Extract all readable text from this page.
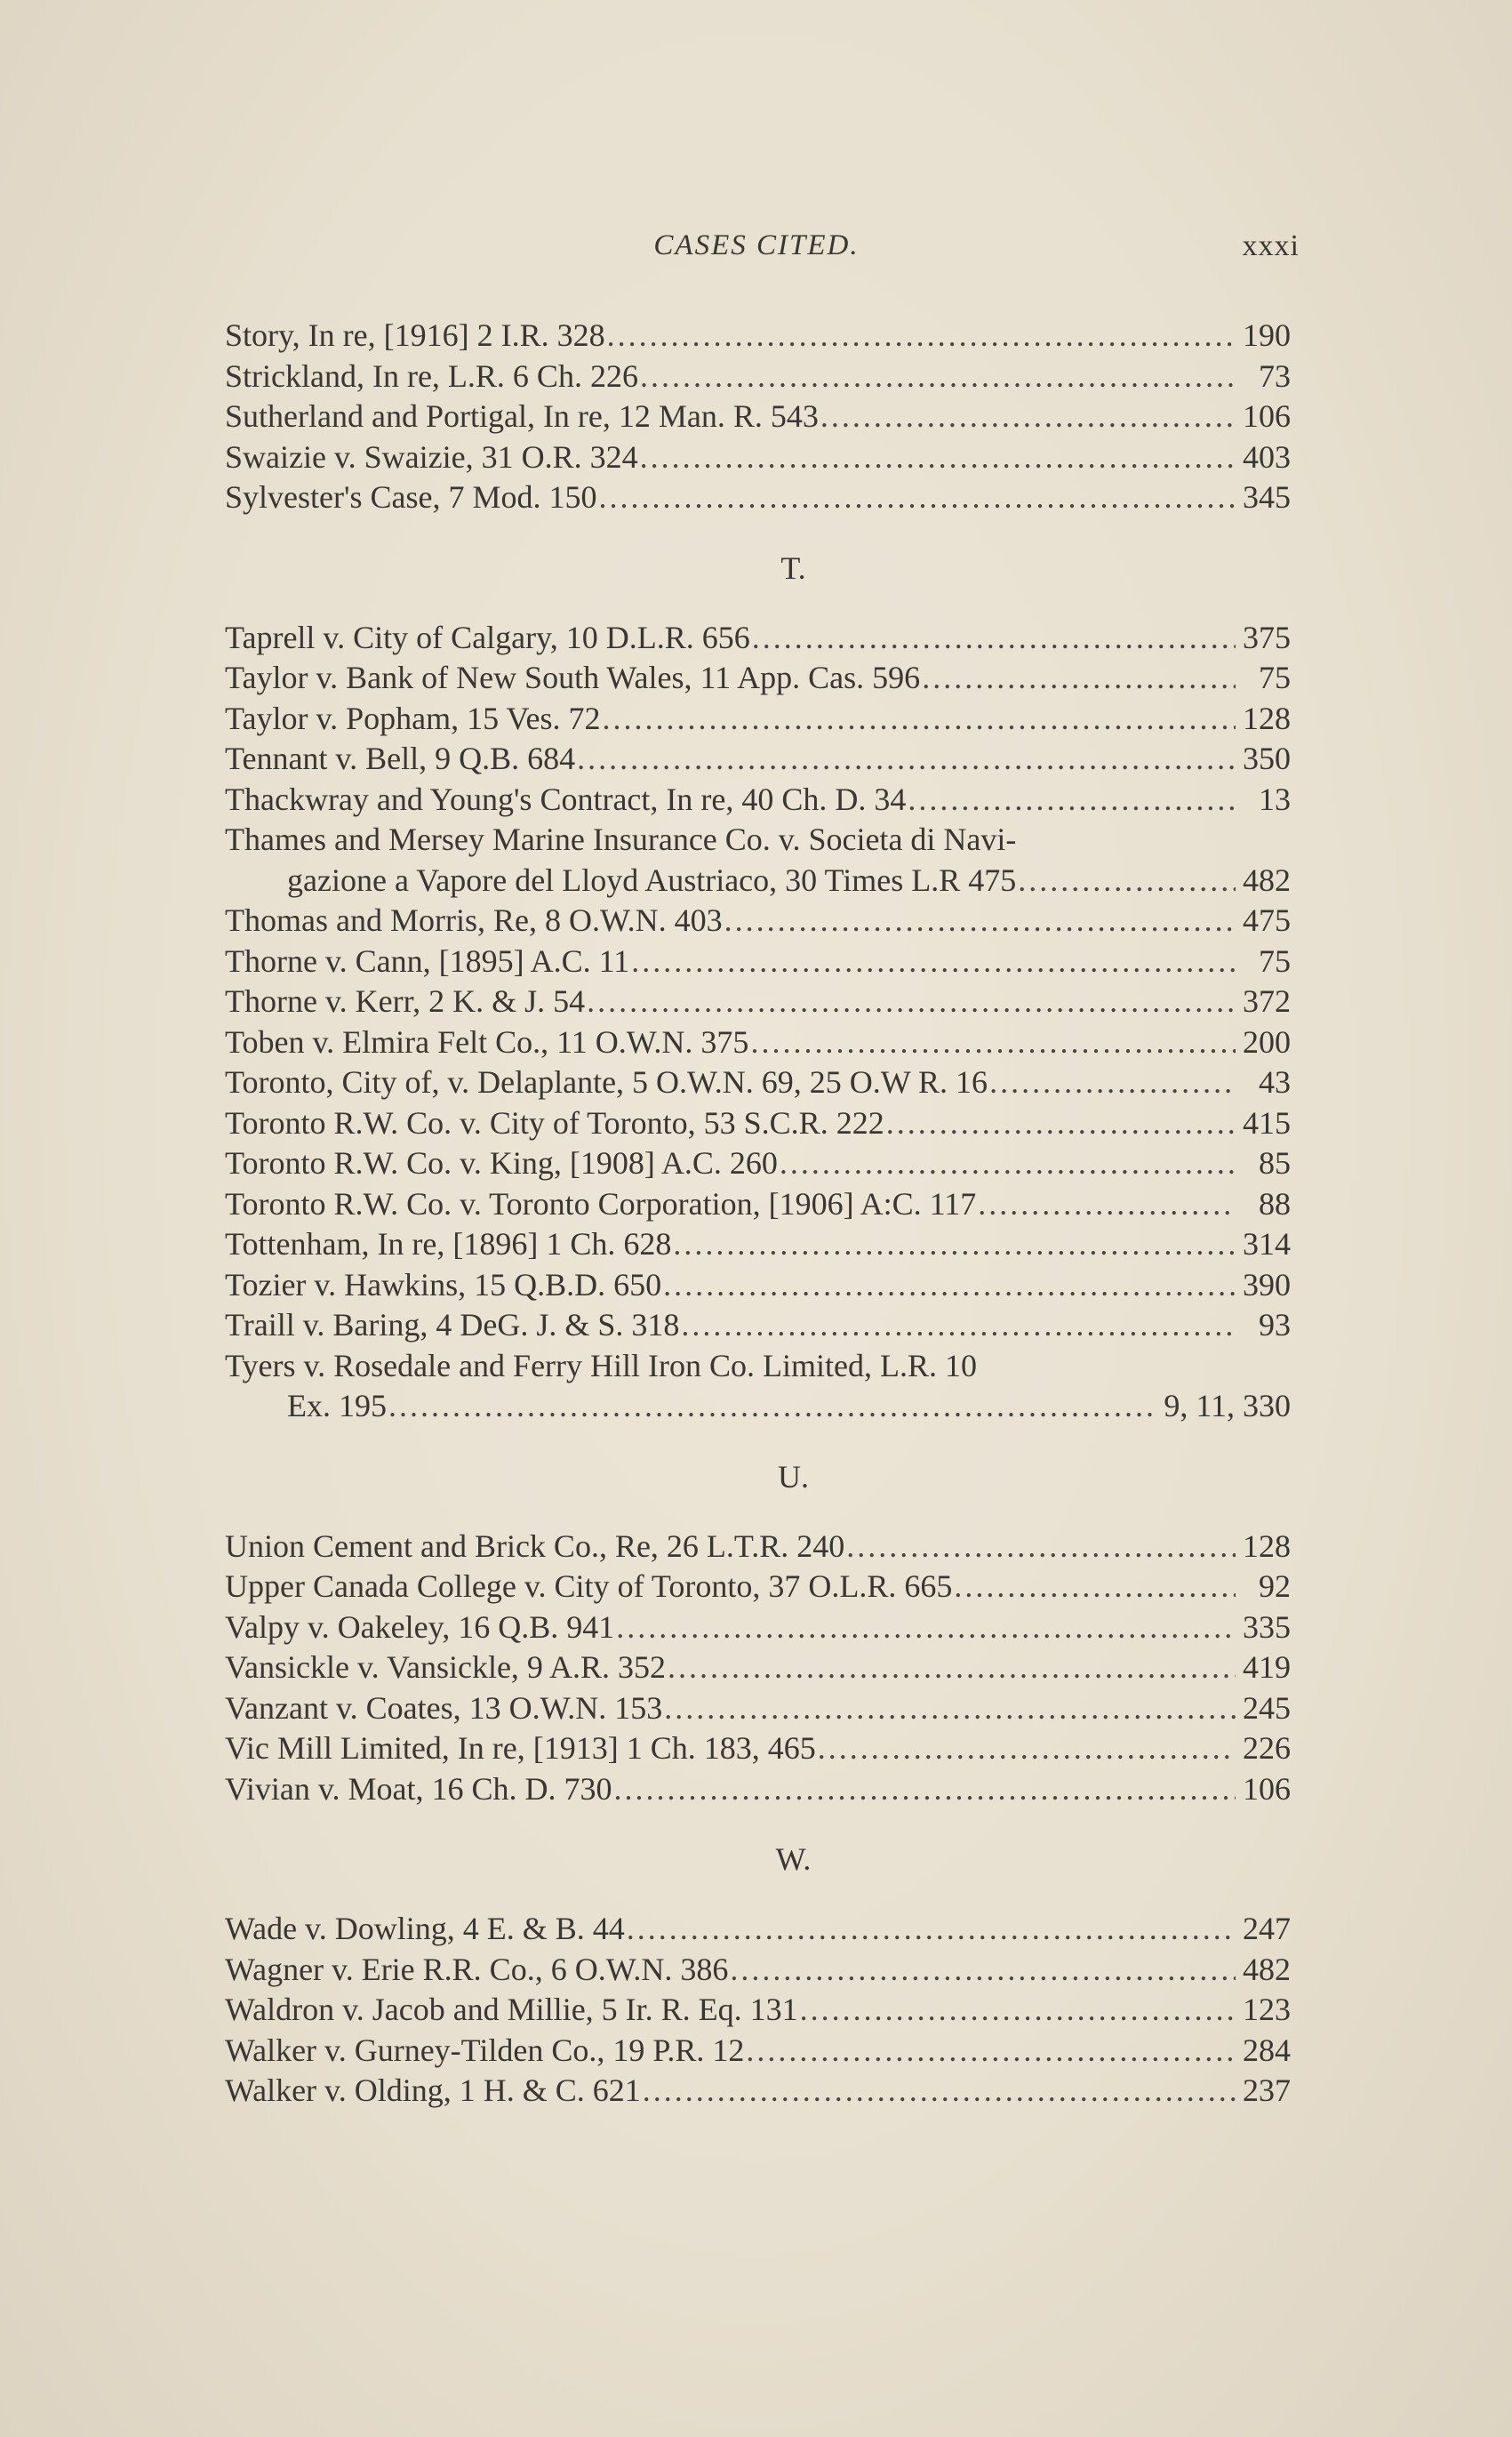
CASES CITED.	xxxi
Story, In re, [1916] 2 I.R. 328 . . .	190
Strickland, In re, L.R. 6 Ch. 226 . . .	73
Sutherland and Portigal, In re, 12 Man. R. 543 . . .	106
Swaizie v. Swaizie, 31 O.R. 324 . . .	403
Sylvester's Case, 7 Mod. 150 . . .	345
T.
Taprell v. City of Calgary, 10 D.L.R. 656 . . .	375
Taylor v. Bank of New South Wales, 11 App. Cas. 596 . . .	75
Taylor v. Popham, 15 Ves. 72 . . .	128
Tennant v. Bell, 9 Q.B. 684 . . .	350
Thackwray and Young's Contract, In re, 40 Ch. D. 34 . . .	13
Thames and Mersey Marine Insurance Co. v. Societa di Navi-
gazione a Vapore del Lloyd Austriaco, 30 Times L.R 475 . . .	482
Thomas and Morris, Re, 8 O.W.N. 403 . . .	475
Thorne v. Cann, [1895] A.C. 11 . . .	75
Thorne v. Kerr, 2 K. & J. 54 . . .	372
Toben v. Elmira Felt Co., 11 O.W.N. 375 . . .	200
Toronto, City of, v. Delaplante, 5 O.W.N. 69, 25 O.W R. 16 . . .	43
Toronto R.W. Co. v. City of Toronto, 53 S.C.R. 222 . . .	415
Toronto R.W. Co. v. King, [1908] A.C. 260 . . .	85
Toronto R.W. Co. v. Toronto Corporation, [1906] A:C. 117 . . .	88
Tottenham, In re, [1896] 1 Ch. 628 . . .	314
Tozier v. Hawkins, 15 Q.B.D. 650 . . .	390
Traill v. Baring, 4 DeG. J. & S. 318 . . .	93
Tyers v. Rosedale and Ferry Hill Iron Co. Limited, L.R. 10
Ex. 195 . . .	9, 11, 330
U.
Union Cement and Brick Co., Re, 26 L.T.R. 240 . . .	128
Upper Canada College v. City of Toronto, 37 O.L.R. 665 . . .	92
Valpy v. Oakeley, 16 Q.B. 941 . . .	335
Vansickle v. Vansickle, 9 A.R. 352 . . .	419
Vanzant v. Coates, 13 O.W.N. 153 . . .	245
Vic Mill Limited, In re, [1913] 1 Ch. 183, 465 . . .	226
Vivian v. Moat, 16 Ch. D. 730 . . .	106
W.
Wade v. Dowling, 4 E. & B. 44 . . .	247
Wagner v. Erie R.R. Co., 6 O.W.N. 386 . . .	482
Waldron v. Jacob and Millie, 5 Ir. R. Eq. 131 . . .	123
Walker v. Gurney-Tilden Co., 19 P.R. 12 . . .	284
Walker v. Olding, 1 H. & C. 621 . . .	237
